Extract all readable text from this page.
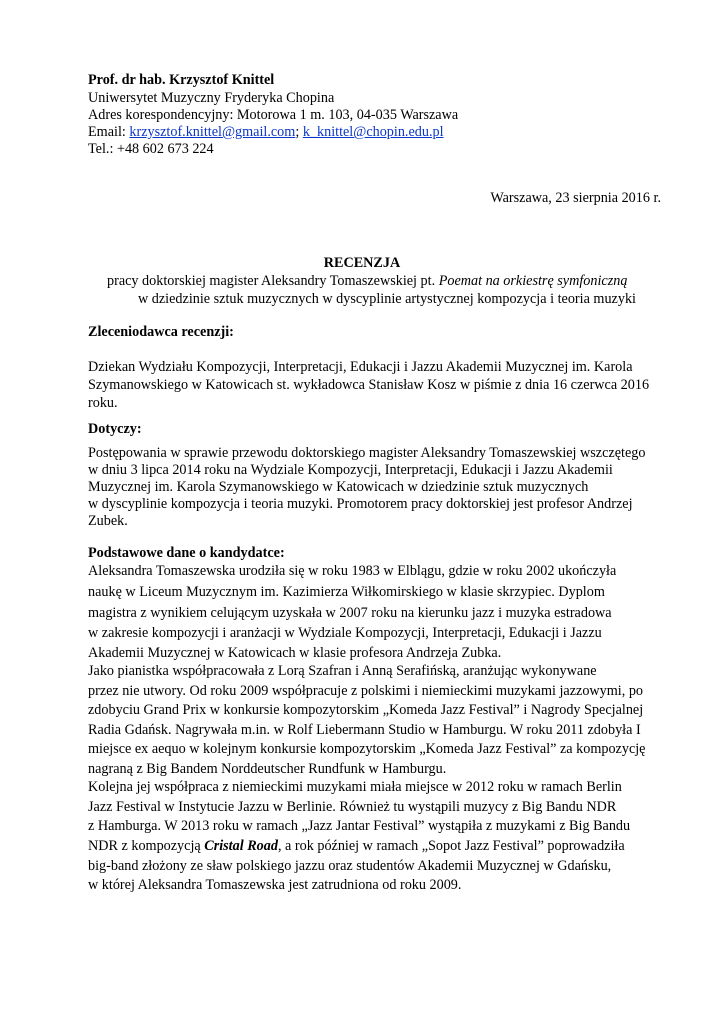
Prof. dr hab. Krzysztof Knittel
Uniwersytet Muzyczny Fryderyka Chopina
Adres korespondencyjny: Motorowa 1 m. 103, 04-035 Warszawa
Email: krzysztof.knittel@gmail.com; k_knittel@chopin.edu.pl
Tel.: +48 602 673 224
Warszawa, 23 sierpnia 2016 r.
RECENZJA
pracy doktorskiej magister Aleksandry Tomaszewskiej pt. Poemat na orkiestrę symfoniczną
w dziedzinie sztuk muzycznych w dyscyplinie artystycznej kompozycja i teoria muzyki
Zleceniodawca recenzji:
Dziekan Wydziału Kompozycji, Interpretacji, Edukacji i Jazzu Akademii Muzycznej im. Karola
Szymanowskiego w Katowicach st. wykładowca Stanisław Kosz w piśmie z dnia 16 czerwca 2016
roku.
Dotyczy:
Postępowania w sprawie przewodu doktorskiego magister Aleksandry Tomaszewskiej wszczętego
w dniu 3 lipca 2014 roku na Wydziale Kompozycji, Interpretacji, Edukacji i Jazzu Akademii
Muzycznej im. Karola Szymanowskiego w Katowicach w dziedzinie sztuk muzycznych
w dyscyplinie kompozycja i teoria muzyki. Promotorem pracy doktorskiej jest profesor Andrzej
Zubek.
Podstawowe dane o kandydatce:
Aleksandra Tomaszewska urodziła się w roku 1983 w Elblągu, gdzie w roku 2002 ukończyła
naukę w Liceum Muzycznym im. Kazimierza Wiłkomirskiego w klasie skrzypiec. Dyplom
magistra z wynikiem celującym uzyskała w 2007 roku na kierunku jazz i muzyka estradowa
w zakresie kompozycji i aranżacji w Wydziale Kompozycji, Interpretacji, Edukacji i Jazzu
Akademii Muzycznej w Katowicach w klasie profesora Andrzeja Zubka.
Jako pianistka współpracowała z Lorą Szafran i Anną Serafińską, aranżując wykonywane
przez nie utwory. Od roku 2009 współpracuje z polskimi i niemieckimi muzykami jazzowymi, po
zdobyciu Grand Prix w konkursie kompozytorskim „Komeda Jazz Festival” i Nagrody Specjalnej
Radia Gdańsk. Nagrywała m.in. w Rolf Liebermann Studio w Hamburgu. W roku 2011 zdobyła I
miejsce ex aequo w kolejnym konkursie kompozytorskim „Komeda Jazz Festival” za kompozycję
nagraną z Big Bandem Norddeutscher Rundfunk w Hamburgu.
Kolejna jej współpraca z niemieckimi muzykami miała miejsce w 2012 roku w ramach Berlin
Jazz Festival w Instytucie Jazzu w Berlinie. Również tu wystąpili muzycy z Big Bandu NDR
z Hamburga. W 2013 roku w ramach „Jazz Jantar Festival” wystąpiła z muzykami z Big Bandu
NDR z kompozycją Cristal Road, a rok później w ramach „Sopot Jazz Festival” poprowadziła
big-band złożony ze sław polskiego jazzu oraz studentów Akademii Muzycznej w Gdańsku,
w której Aleksandra Tomaszewska jest zatrudniona od roku 2009.
